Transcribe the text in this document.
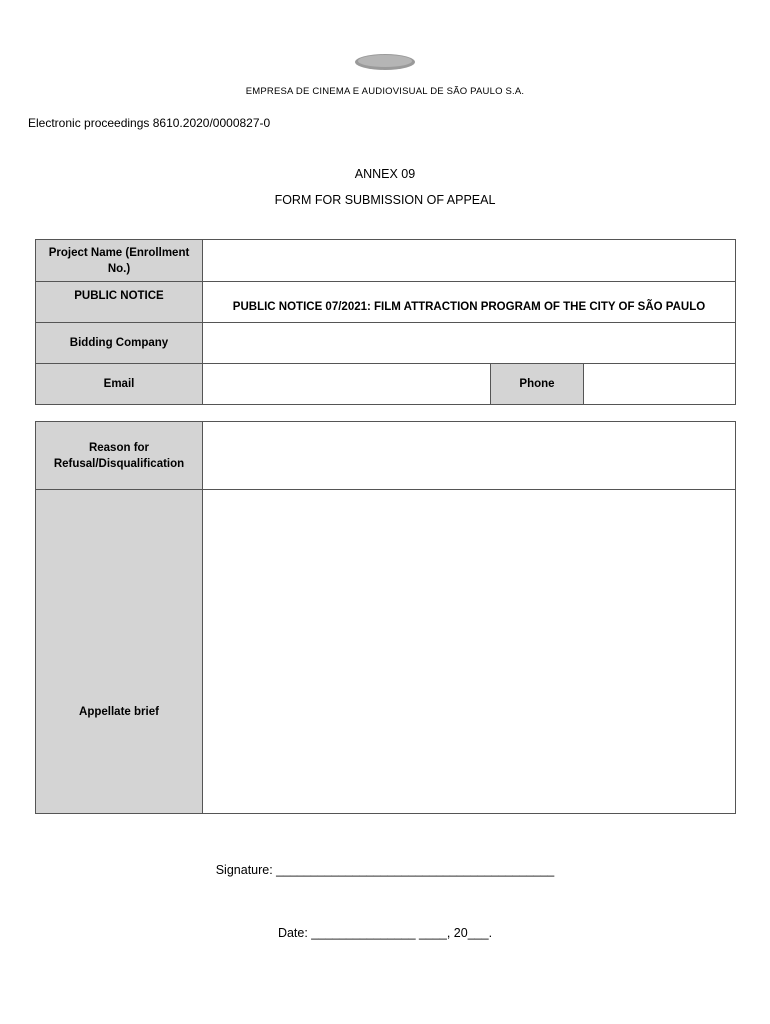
EMPRESA DE CINEMA E AUDIOVISUAL DE SÃO PAULO S.A.
Electronic proceedings 8610.2020/0000827-0
ANNEX 09
FORM FOR SUBMISSION OF APPEAL
Project Name (Enrollment No.)			
PUBLIC NOTICE	PUBLIC NOTICE 07/2021: FILM ATTRACTION PROGRAM OF THE CITY OF SÃO PAULO		
Bidding Company			
Email		Phone	
Reason for Refusal/Disqualification	
Appellate brief	
Signature: ________________________________________
Date: _______________ ____, 20___.
